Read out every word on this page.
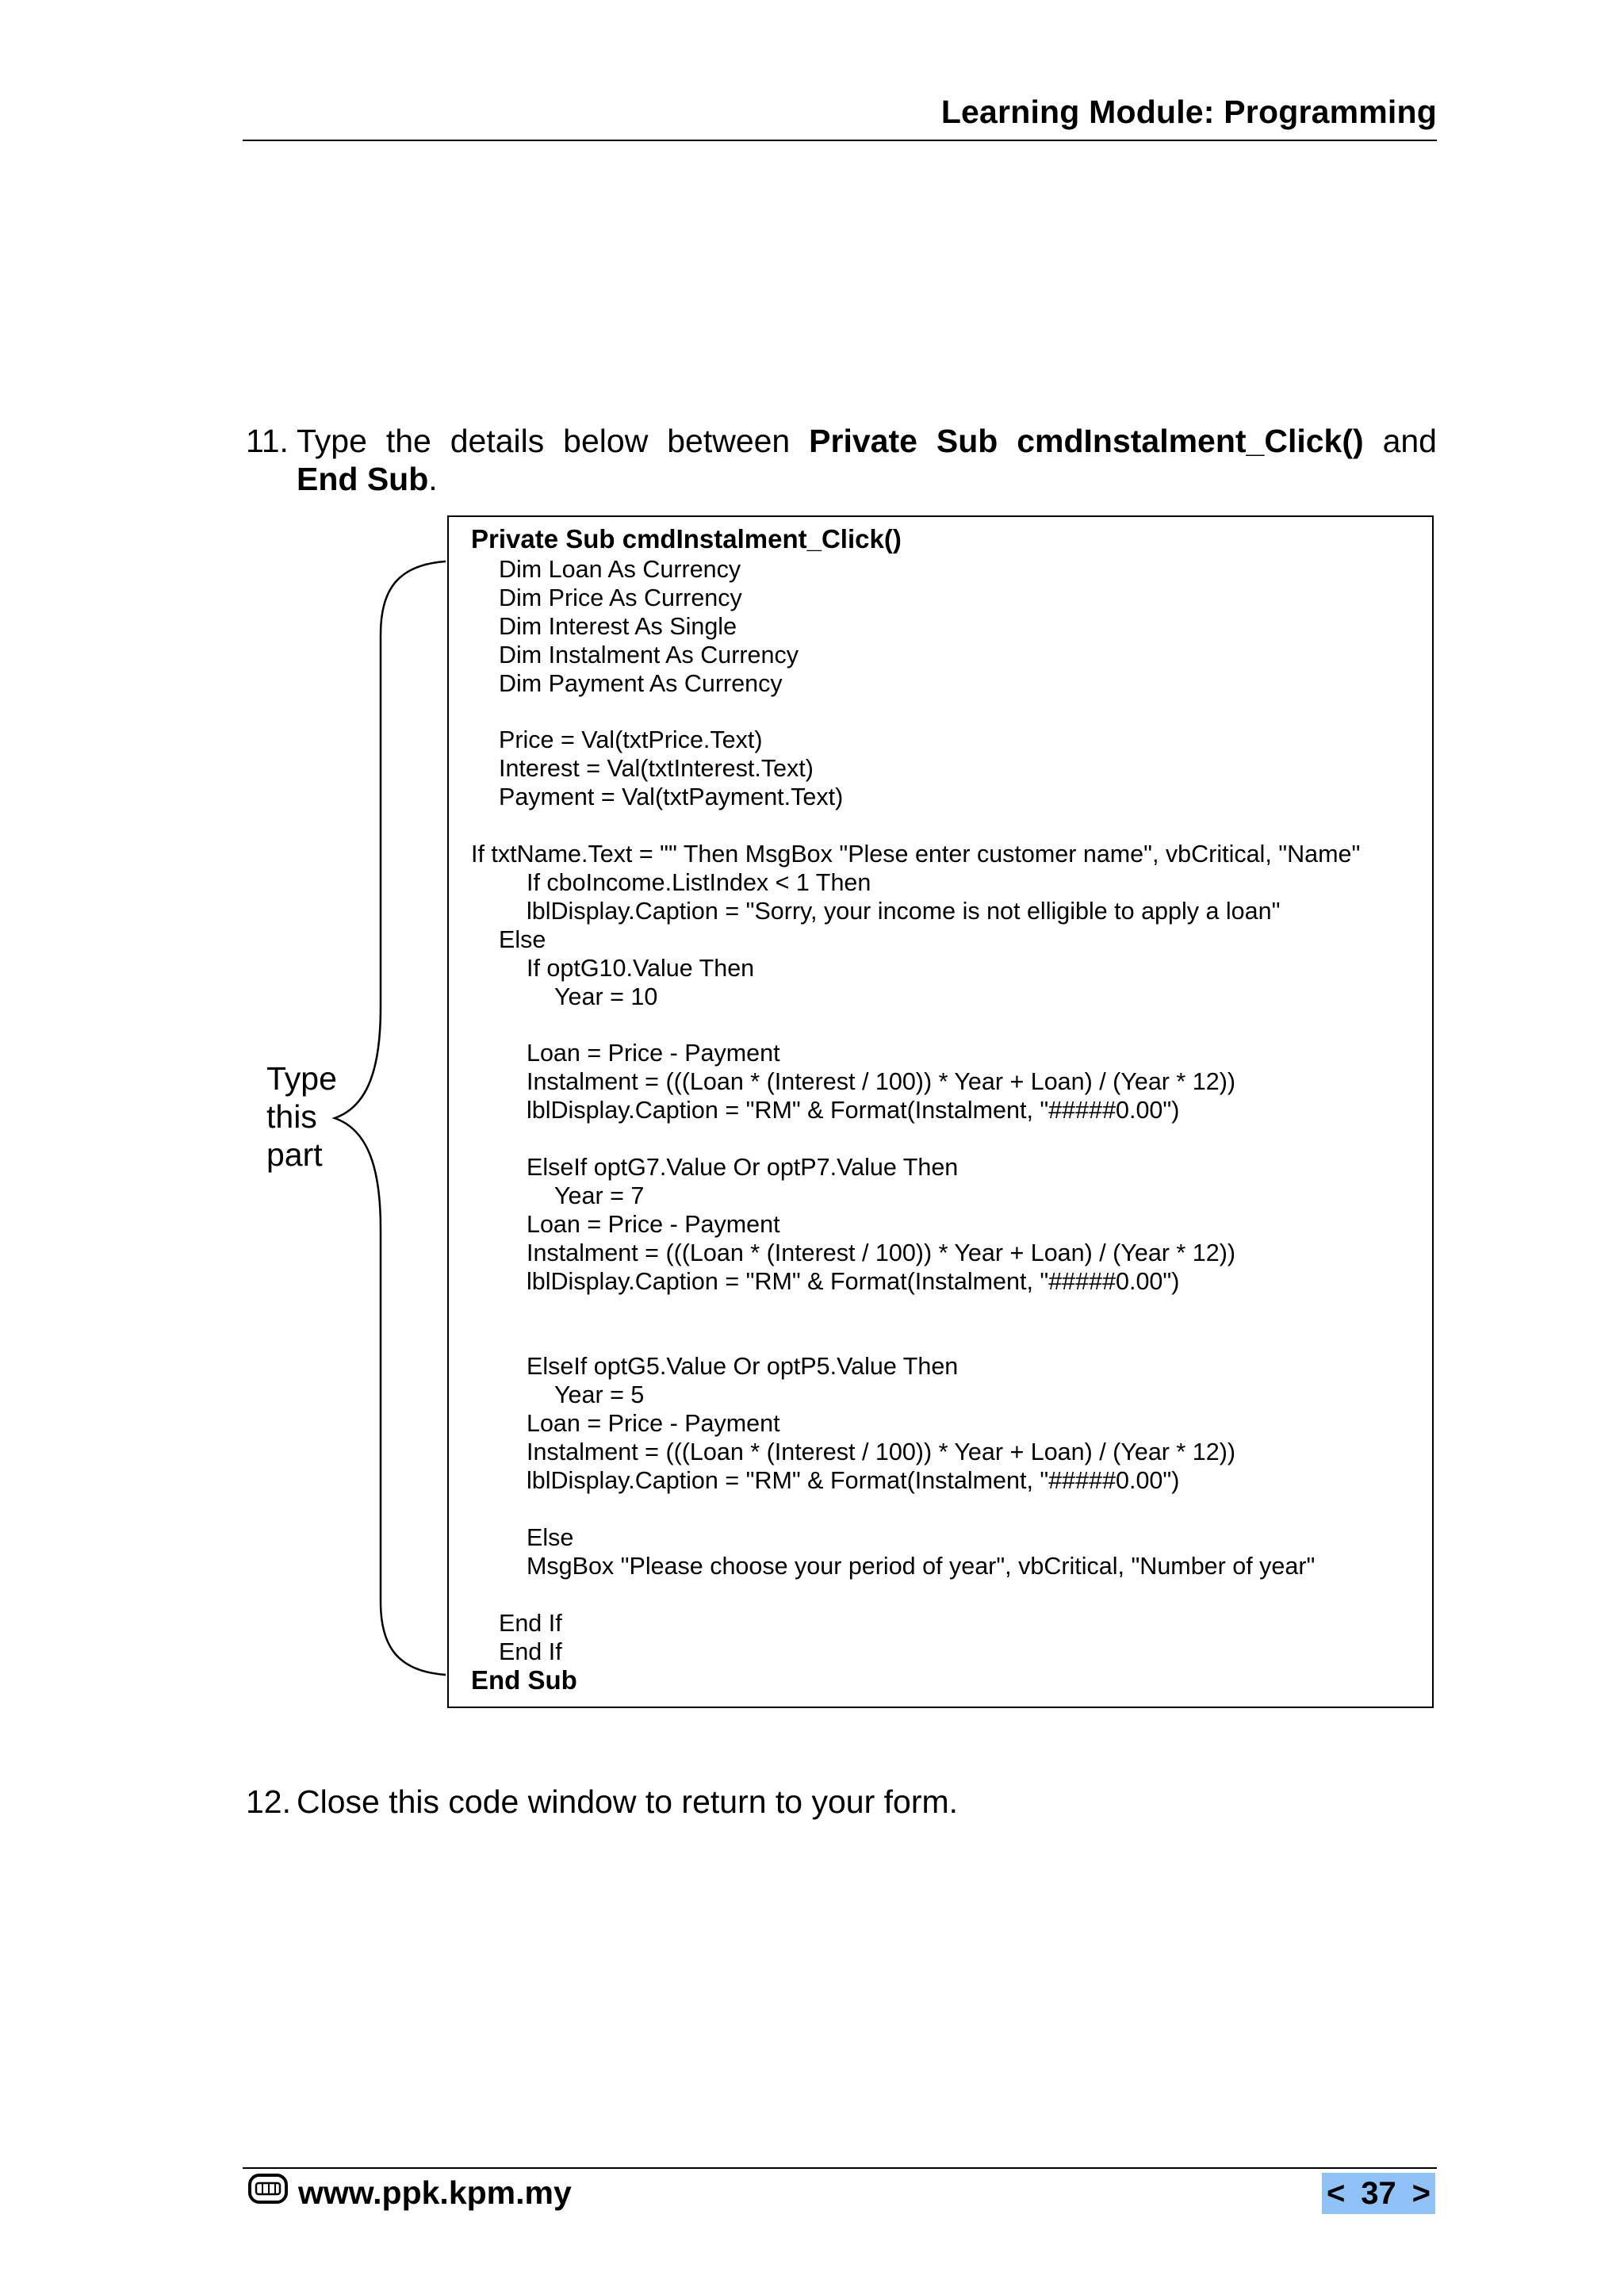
Learning Module: Programming
11. Type the details below between Private Sub cmdInstalment_Click() and
End Sub.
Private Sub cmdInstalment_Click()
Dim Loan As Currency
Dim Price As Currency
Dim Interest As Single
Dim Instalment As Currency
Dim Payment As Currency
Price = Val(txtPrice.Text)
Interest = Val(txtInterest.Text)
Payment = Val(txtPayment.Text)
If txtName.Text = "" Then MsgBox "Plese enter customer name", vbCritical, "Name"
If cboIncome.ListIndex < 1 Then
lblDisplay.Caption = "Sorry, your income is not elligible to apply a loan"
Else
If optG10.Value Then
Year = 10
Loan = Price - Payment
Instalment = (((Loan * (Interest / 100)) * Year + Loan) / (Year * 12))
lblDisplay.Caption = "RM" & Format(Instalment, "#####0.00")
ElseIf optG7.Value Or optP7.Value Then
Year = 7
Loan = Price - Payment
Instalment = (((Loan * (Interest / 100)) * Year + Loan) / (Year * 12))
lblDisplay.Caption = "RM" & Format(Instalment, "#####0.00")
ElseIf optG5.Value Or optP5.Value Then
Year = 5
Loan = Price - Payment
Instalment = (((Loan * (Interest / 100)) * Year + Loan) / (Year * 12))
lblDisplay.Caption = "RM" & Format(Instalment, "#####0.00")
Else
MsgBox "Please choose your period of year", vbCritical, "Number of year"
End If
End If
End Sub
Type
this
part
12. Close this code window to return to your form.
www.ppk.kpm.my	< 37 >
